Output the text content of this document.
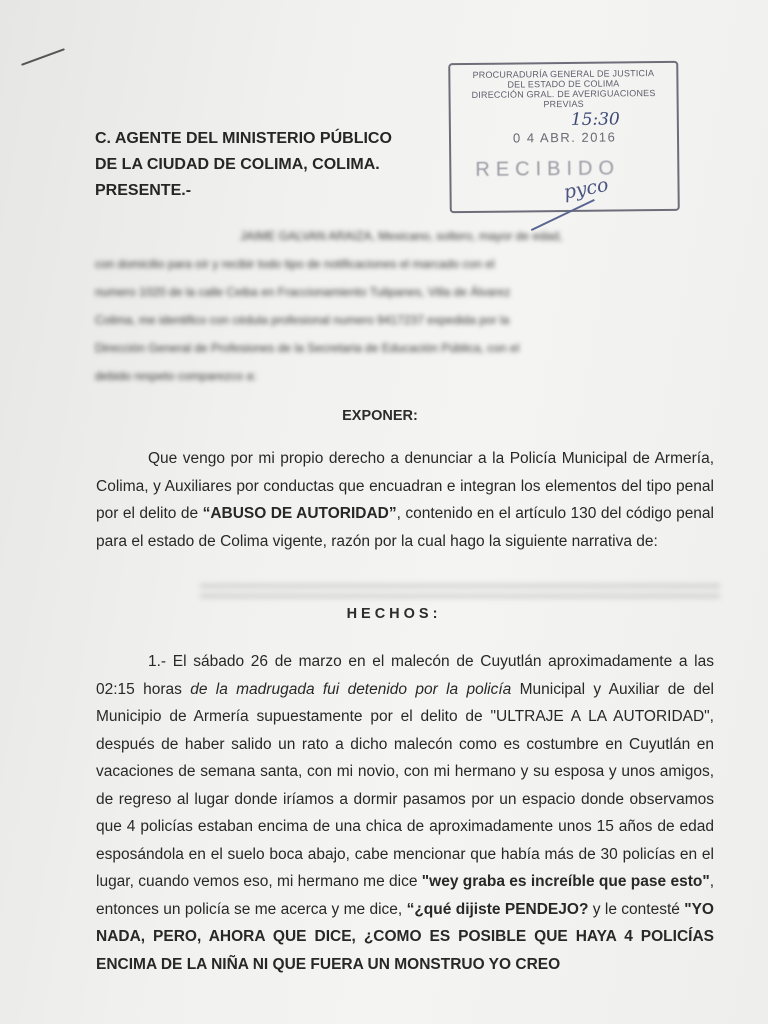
C. AGENTE DEL MINISTERIO PÚBLICO
DE LA CIUDAD DE COLIMA, COLIMA.
PRESENTE.-
PROCURADURÍA GENERAL DE JUSTICIA
DEL ESTADO DE COLIMA
DIRECCIÓN GRAL. DE AVERIGUACIONES
PREVIAS
15:30
0 4 ABR. 2016
RECIBIDO
pyco
JAIME GALVAN ARAIZA, Mexicano, soltero, mayor de edad,
con domicilio para oír y recibir todo tipo de notificaciones el marcado con el
numero 1020 de la calle Ceiba en Fraccionamiento Tulipanes, Villa de Álvarez
Colima, me identifico con cédula profesional numero 9417237 expedida por la
Dirección General de Profesiones de la Secretaria de Educación Pública, con el
debido respeto comparezco a:
EXPONER:
Que vengo por mi propio derecho a denunciar a la Policía Municipal de Armería, Colima, y Auxiliares por conductas que encuadran e integran los elementos del tipo penal por el delito de “ABUSO DE AUTORIDAD”, contenido en el artículo 130 del código penal para el estado de Colima vigente, razón por la cual hago la siguiente narrativa de:
HECHOS:
1.- El sábado 26 de marzo en el malecón de Cuyutlán aproximadamente a las 02:15 horas de la madrugada fui detenido por la policía Municipal y Auxiliar de del Municipio de Armería supuestamente por el delito de "ULTRAJE A LA AUTORIDAD", después de haber salido un rato a dicho malecón como es costumbre en Cuyutlán en vacaciones de semana santa, con mi novio, con mi hermano y su esposa y unos amigos, de regreso al lugar donde iríamos a dormir pasamos por un espacio donde observamos que 4 policías estaban encima de una chica de aproximadamente unos 15 años de edad esposándola en el suelo boca abajo, cabe mencionar que había más de 30 policías en el lugar, cuando vemos eso, mi hermano me dice "wey graba es increíble que pase esto", entonces un policía se me acerca y me dice, “¿qué dijiste PENDEJO? y le contesté "YO NADA, PERO, AHORA QUE DICE, ¿COMO ES POSIBLE QUE HAYA 4 POLICÍAS ENCIMA DE LA NIÑA NI QUE FUERA UN MONSTRUO YO CREO
